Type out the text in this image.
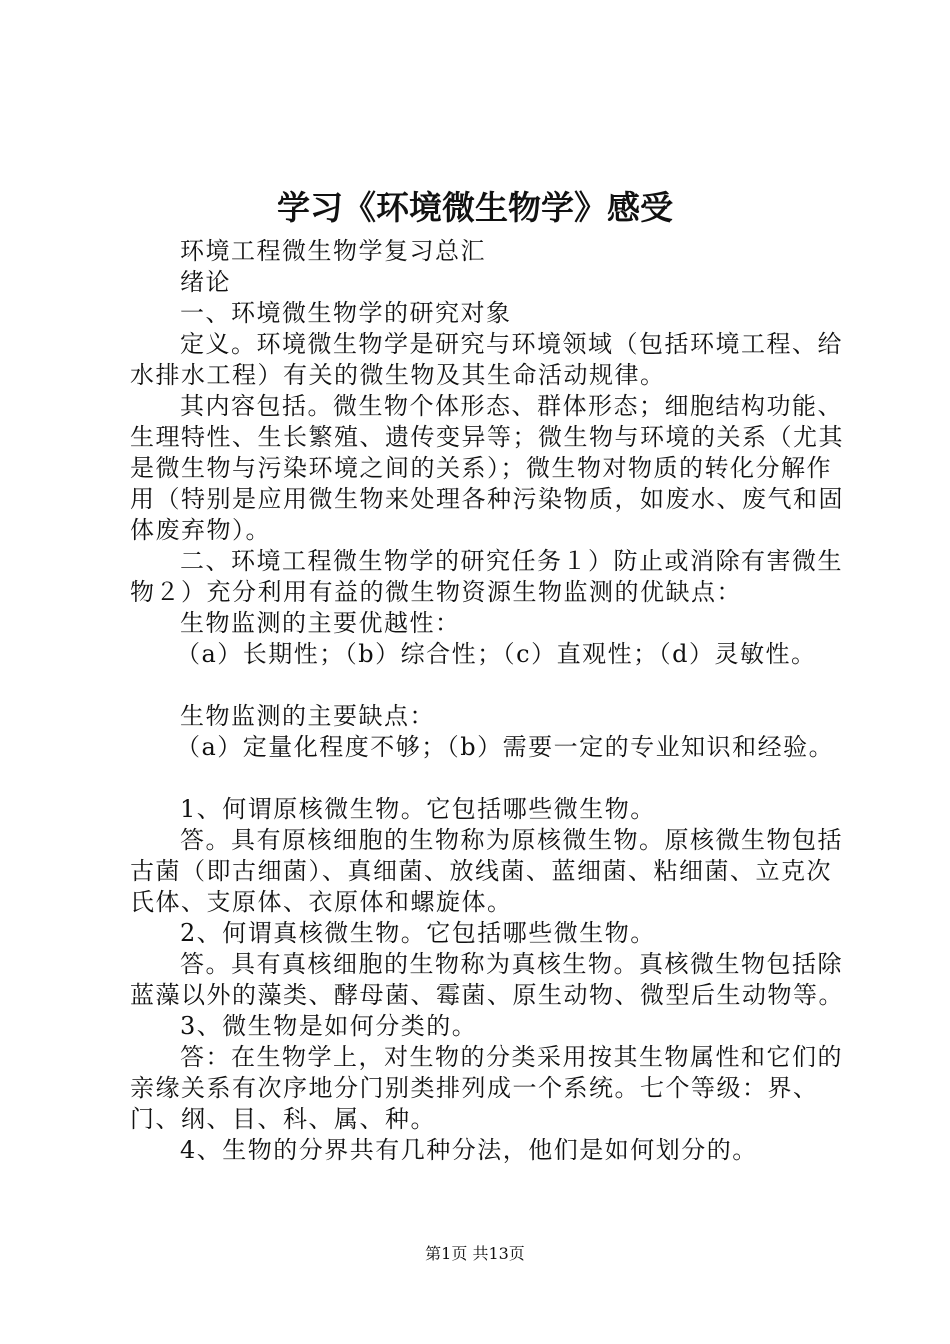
学习《环境微生物学》感受

环境工程微生物学复习总汇

绪论

一、环境微生物学的研究对象

定义。环境微生物学是研究与环境领域（包括环境工程、给水排水工程）有关的微生物及其生命活动规律。

其内容包括。微生物个体形态、群体形态；细胞结构功能、生理特性、生长繁殖、遗传变异等；微生物与环境的关系（尤其是微生物与污染环境之间的关系）；微生物对物质的转化分解作用（特别是应用微生物来处理各种污染物质，如废水、废气和固体废弃物）。

二、环境工程微生物学的研究任务１）防止或消除有害微生物２）充分利用有益的微生物资源生物监测的优缺点：

生物监测的主要优越性：

（a）长期性；（b）综合性；（c）直观性；（d）灵敏性。

生物监测的主要缺点：

（a）定量化程度不够；（b）需要一定的专业知识和经验。

1、何谓原核微生物。它包括哪些微生物。

答。具有原核细胞的生物称为原核微生物。原核微生物包括古菌（即古细菌）、真细菌、放线菌、蓝细菌、粘细菌、立克次氏体、支原体、衣原体和螺旋体。

2、何谓真核微生物。它包括哪些微生物。

答。具有真核细胞的生物称为真核生物。真核微生物包括除蓝藻以外的藻类、酵母菌、霉菌、原生动物、微型后生动物等。

3、微生物是如何分类的。

答：在生物学上，对生物的分类采用按其生物属性和它们的亲缘关系有次序地分门别类排列成一个系统。七个等级：界、门、纲、目、科、属、种。

4、生物的分界共有几种分法，他们是如何划分的。

第1页 共13页
